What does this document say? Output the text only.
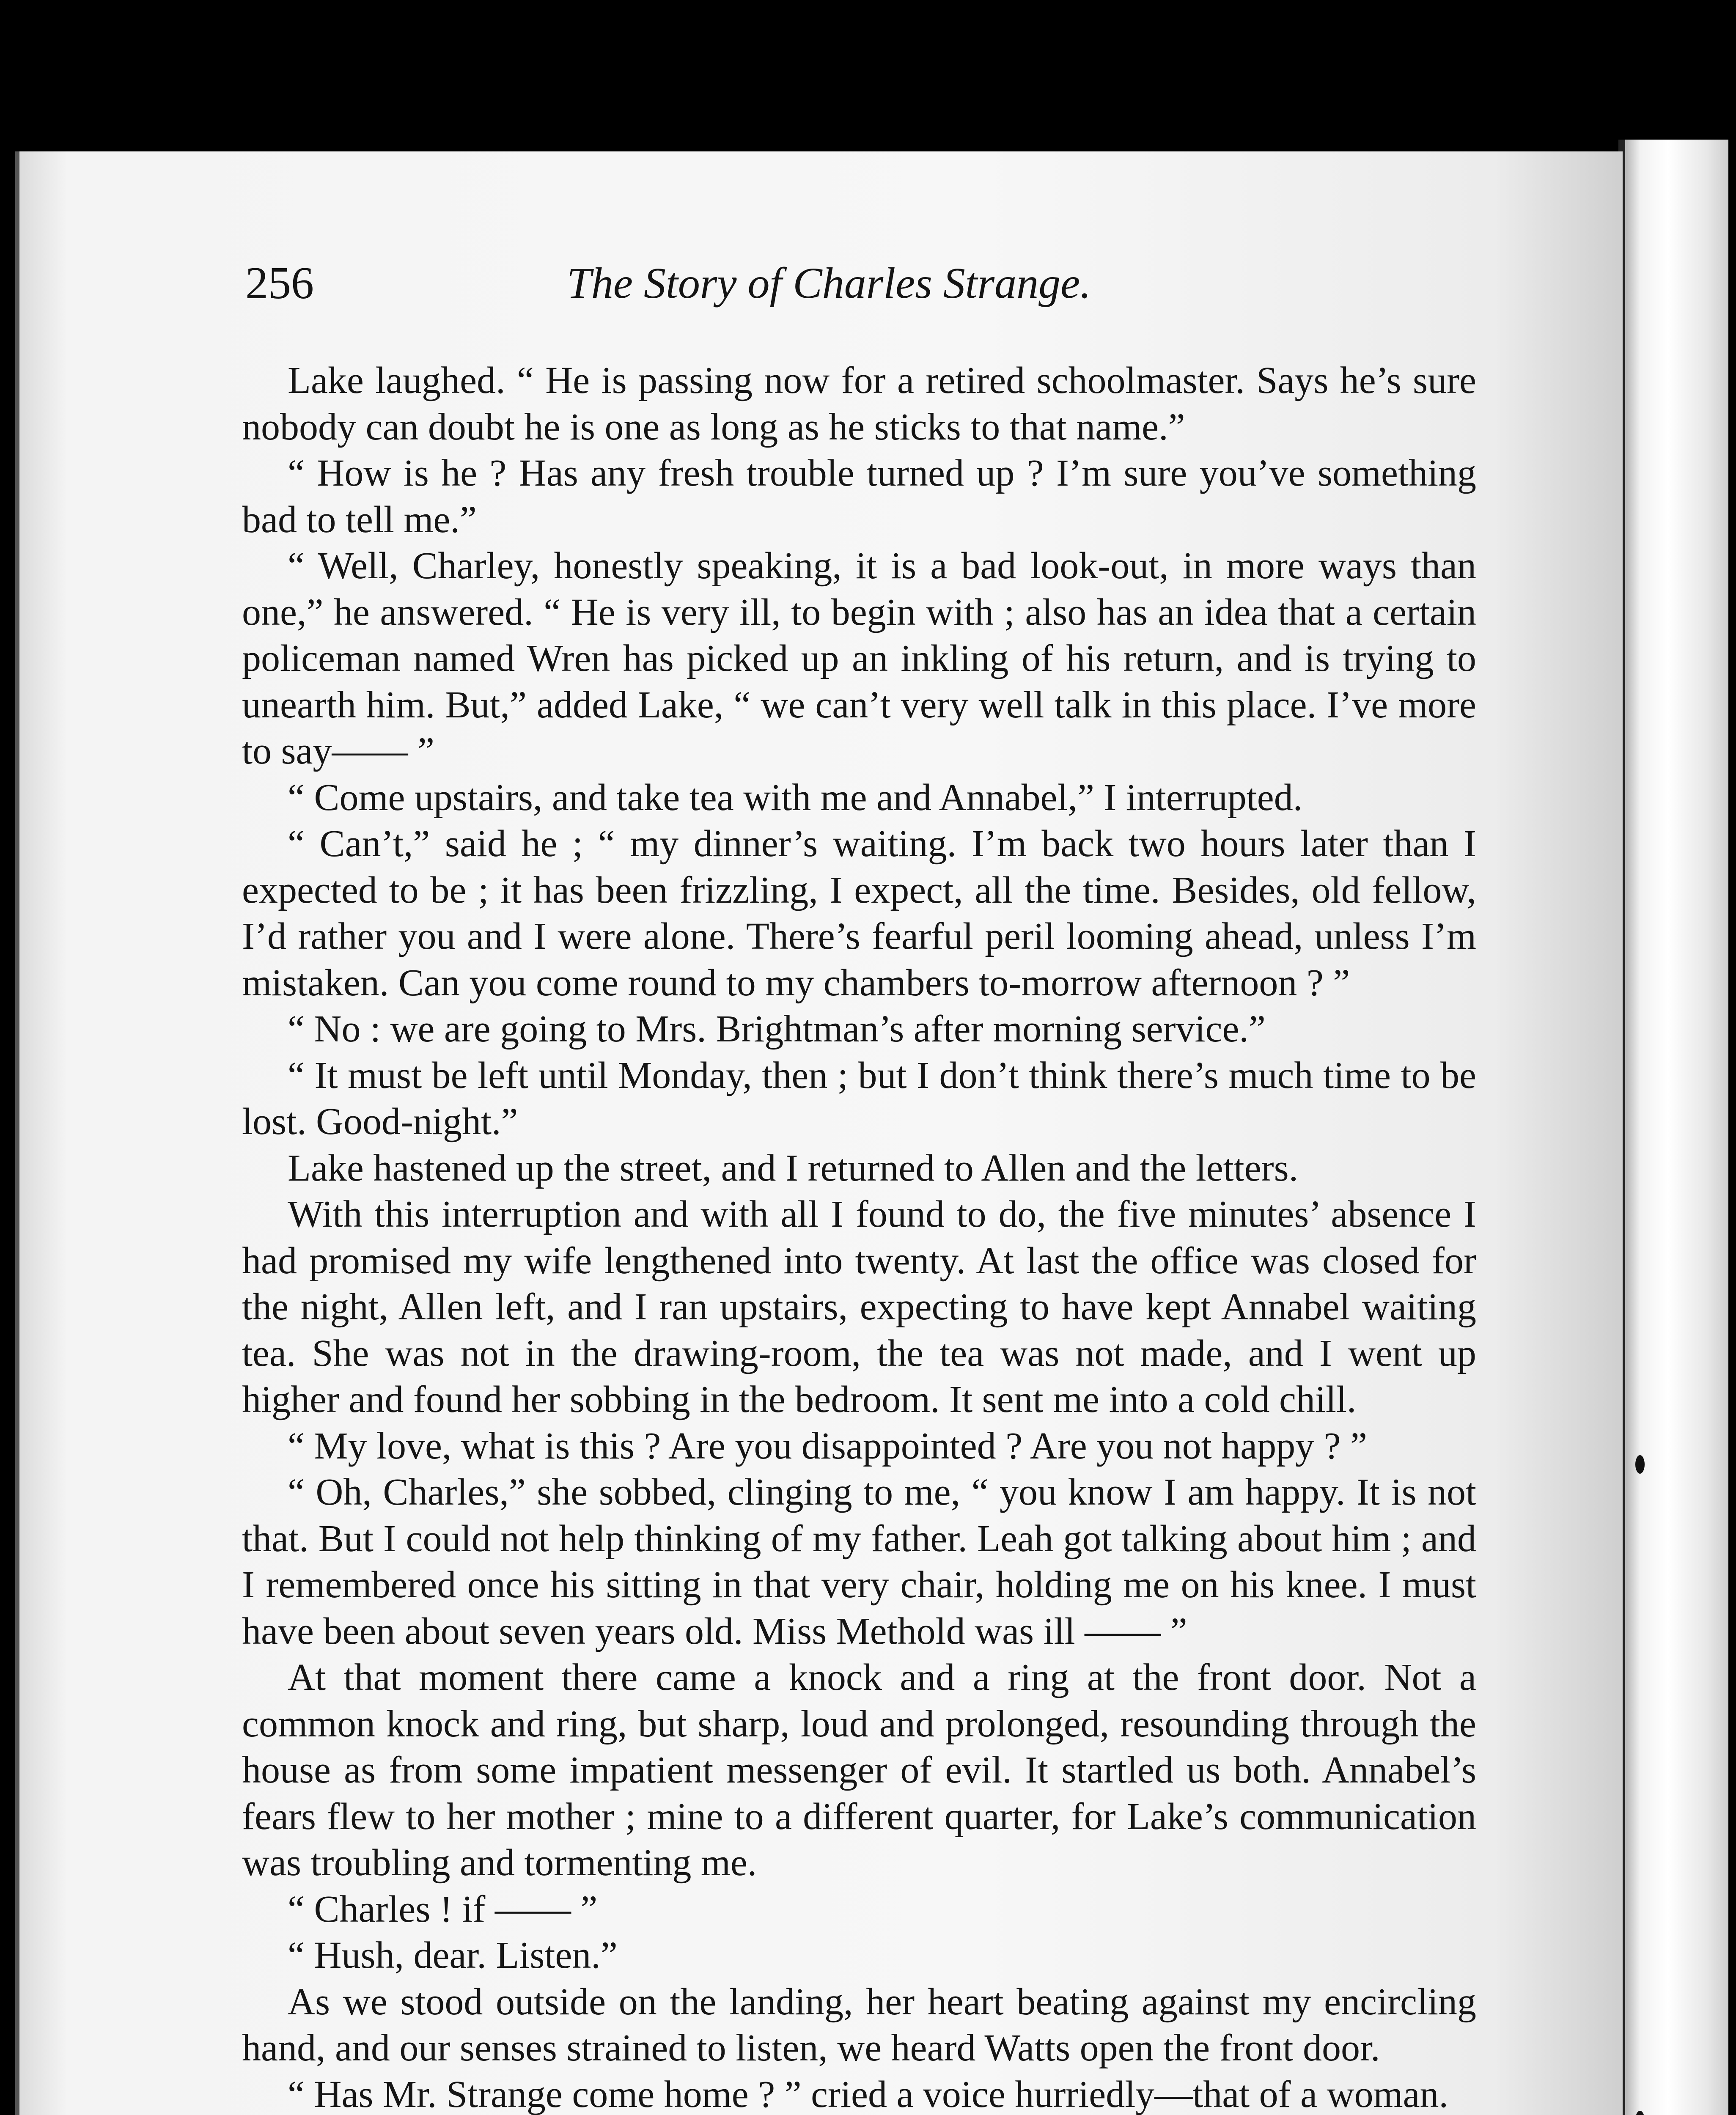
256	The Story of Charles Strange.

Lake laughed. “ He is passing now for a retired schoolmaster. Says he’s sure nobody can doubt he is one as long as he sticks to that name.”

“ How is he ? Has any fresh trouble turned up ? I’m sure you’ve something bad to tell me.”

“ Well, Charley, honestly speaking, it is a bad look-out, in more ways than one,” he answered. “ He is very ill, to begin with ; also has an idea that a certain policeman named Wren has picked up an inkling of his return, and is trying to unearth him. But,” added Lake, “ we can’t very well talk in this place. I’ve more to say—— ”

“ Come upstairs, and take tea with me and Annabel,” I interrupted.

“ Can’t,” said he ; “ my dinner’s waiting. I’m back two hours later than I expected to be ; it has been frizzling, I expect, all the time. Besides, old fellow, I’d rather you and I were alone. There’s fearful peril looming ahead, unless I’m mistaken. Can you come round to my chambers to-morrow afternoon ? ”

“ No : we are going to Mrs. Brightman’s after morning service.”

“ It must be left until Monday, then ; but I don’t think there’s much time to be lost. Good-night.”

Lake hastened up the street, and I returned to Allen and the letters.

With this interruption and with all I found to do, the five minutes’ absence I had promised my wife lengthened into twenty. At last the office was closed for the night, Allen left, and I ran upstairs, expecting to have kept Annabel waiting tea. She was not in the drawing-room, the tea was not made, and I went up higher and found her sobbing in the bedroom. It sent me into a cold chill.

“ My love, what is this ? Are you disappointed ? Are you not happy ? ”

“ Oh, Charles,” she sobbed, clinging to me, “ you know I am happy. It is not that. But I could not help thinking of my father. Leah got talking about him ; and I remembered once his sitting in that very chair, holding me on his knee. I must have been about seven years old. Miss Methold was ill —— ”

At that moment there came a knock and a ring at the front door. Not a common knock and ring, but sharp, loud and prolonged, resounding through the house as from some impatient messenger of evil. It startled us both. Annabel’s fears flew to her mother ; mine to a different quarter, for Lake’s communication was troubling and tormenting me.

“ Charles ! if —— ”

“ Hush, dear. Listen.”

As we stood outside on the landing, her heart beating against my encircling hand, and our senses strained to listen, we heard Watts open the front door.

“ Has Mr. Strange come home ? ” cried a voice hurriedly—that of a woman.
